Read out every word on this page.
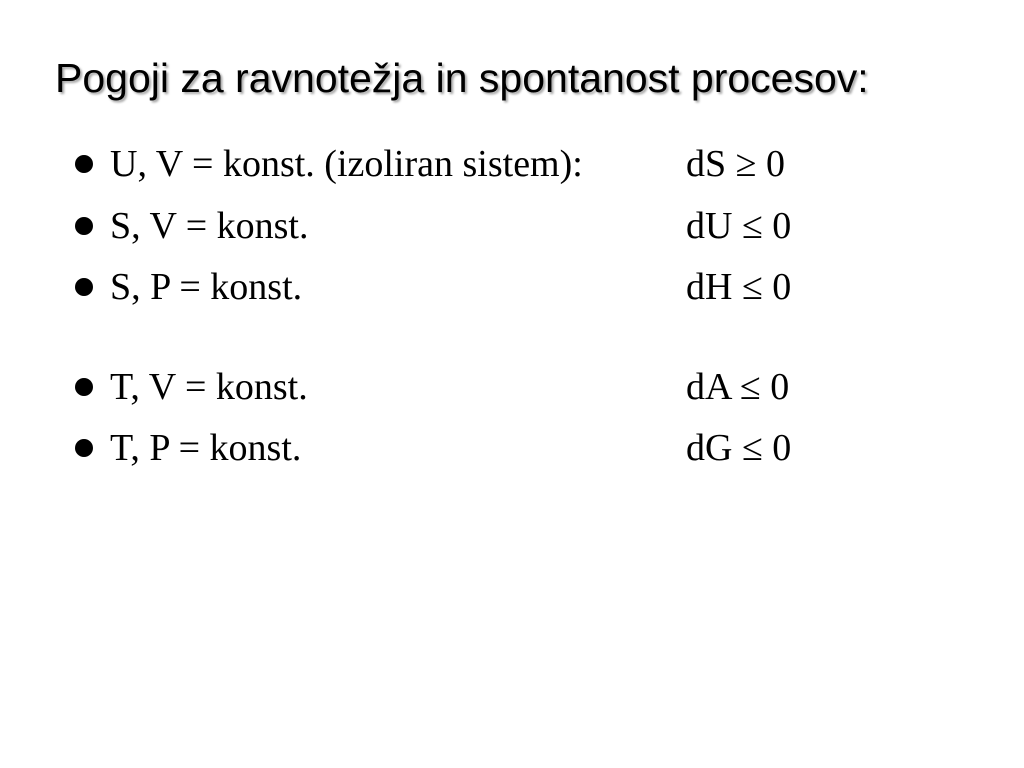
Pogoji za ravnotežja in spontanost procesov:
U, V = konst. (izoliran sistem):	dS ≥ 0
S, V = konst.	dU ≤ 0
S, P = konst.	dH ≤ 0
T, V = konst.	dA ≤ 0
T, P = konst.	dG ≤ 0
